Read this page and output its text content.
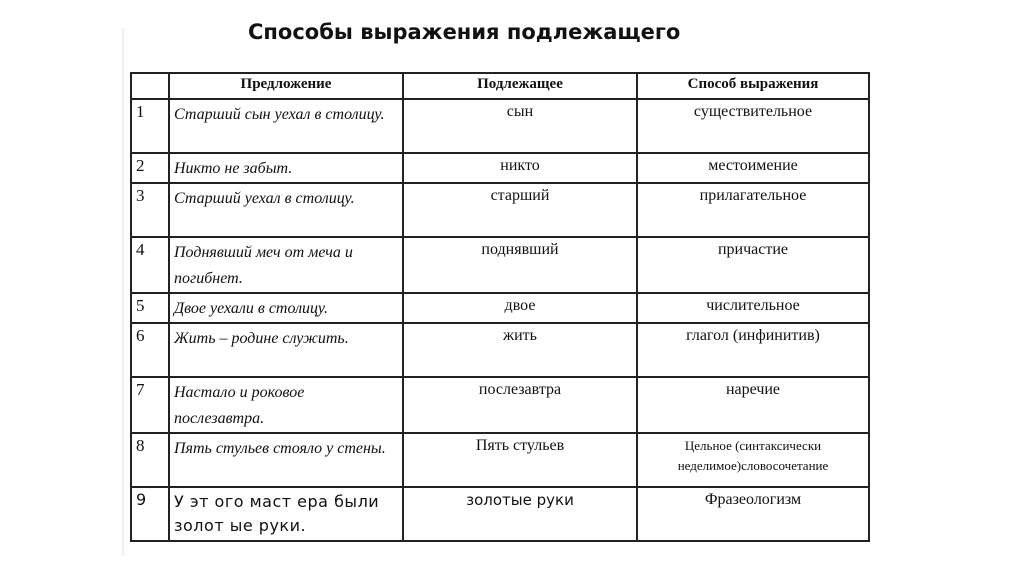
Способы выражения подлежащего
	Предложение	Подлежащее	Способ выражения
1	Старший сын уехал в столицу.	сын	существительное
2	Никто не забыт.	никто	местоимение
3	Старший уехал в столицу.	старший	прилагательное
4	Поднявший меч от меча и погибнет.	поднявший	причастие
5	Двое уехали в столицу.	двое	числительное
6	Жить – родине служить.	жить	глагол (инфинитив)
7	Настало и роковое послезавтра.	послезавтра	наречие
8	Пять стульев стояло у стены.	Пять стульев	Цельное (синтаксически неделимое)словосочетание
9	У эт ого маст ера были золот ые руки.	золотые руки	Фразеологизм
